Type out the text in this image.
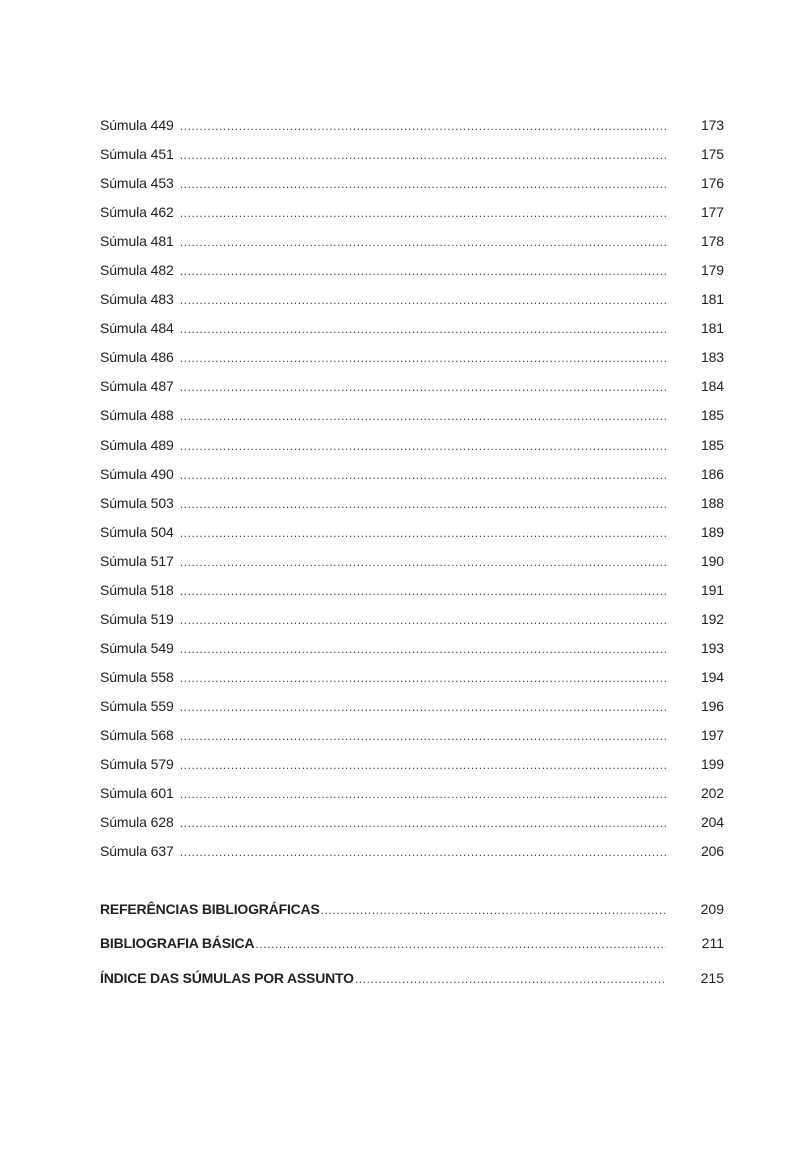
Súmula 449 .....	173
Súmula 451 .....	175
Súmula 453 .....	176
Súmula 462 .....	177
Súmula 481 .....	178
Súmula 482 .....	179
Súmula 483 .....	181
Súmula 484 .....	181
Súmula 486 .....	183
Súmula 487 .....	184
Súmula 488 .....	185
Súmula 489 .....	185
Súmula 490 .....	186
Súmula 503 .....	188
Súmula 504 .....	189
Súmula 517 .....	190
Súmula 518 .....	191
Súmula 519 .....	192
Súmula 549 .....	193
Súmula 558 .....	194
Súmula 559 .....	196
Súmula 568 .....	197
Súmula 579 .....	199
Súmula 601 .....	202
Súmula 628 .....	204
Súmula 637 .....	206
REFERÊNCIAS BIBLIOGRÁFICAS .....	209
BIBLIOGRAFIA BÁSICA .....	211
ÍNDICE DAS SÚMULAS POR ASSUNTO .....	215
